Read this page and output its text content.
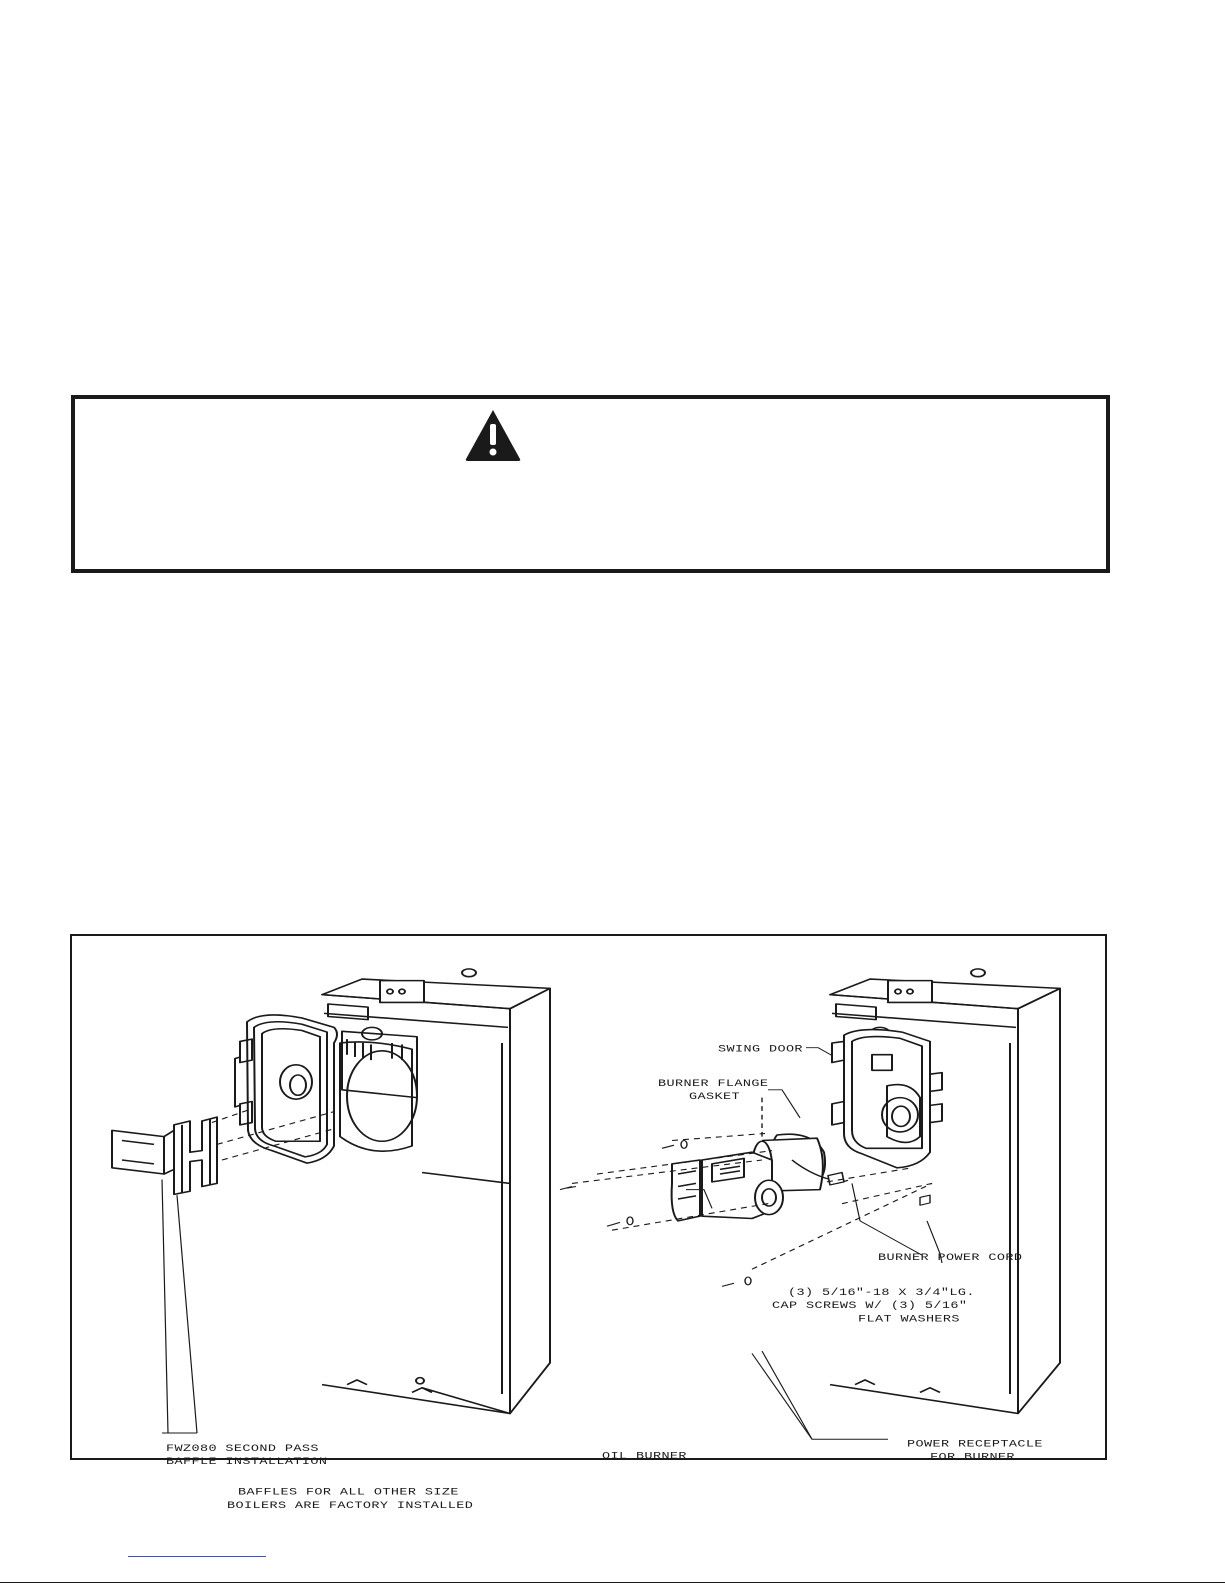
FWZ080 SECOND PASS
BAFFLE INSTALLATION
BAFFLES FOR ALL OTHER SIZE
BOILERS ARE FACTORY INSTALLED
SWING DOOR
BURNER FLANGE
GASKET
OIL BURNER
POWER RECEPTACLE
FOR BURNER
BURNER POWER CORD
(3) 5/16"-18 X 3/4"LG.
CAP SCREWS W/ (3) 5/16"
FLAT WASHERS
